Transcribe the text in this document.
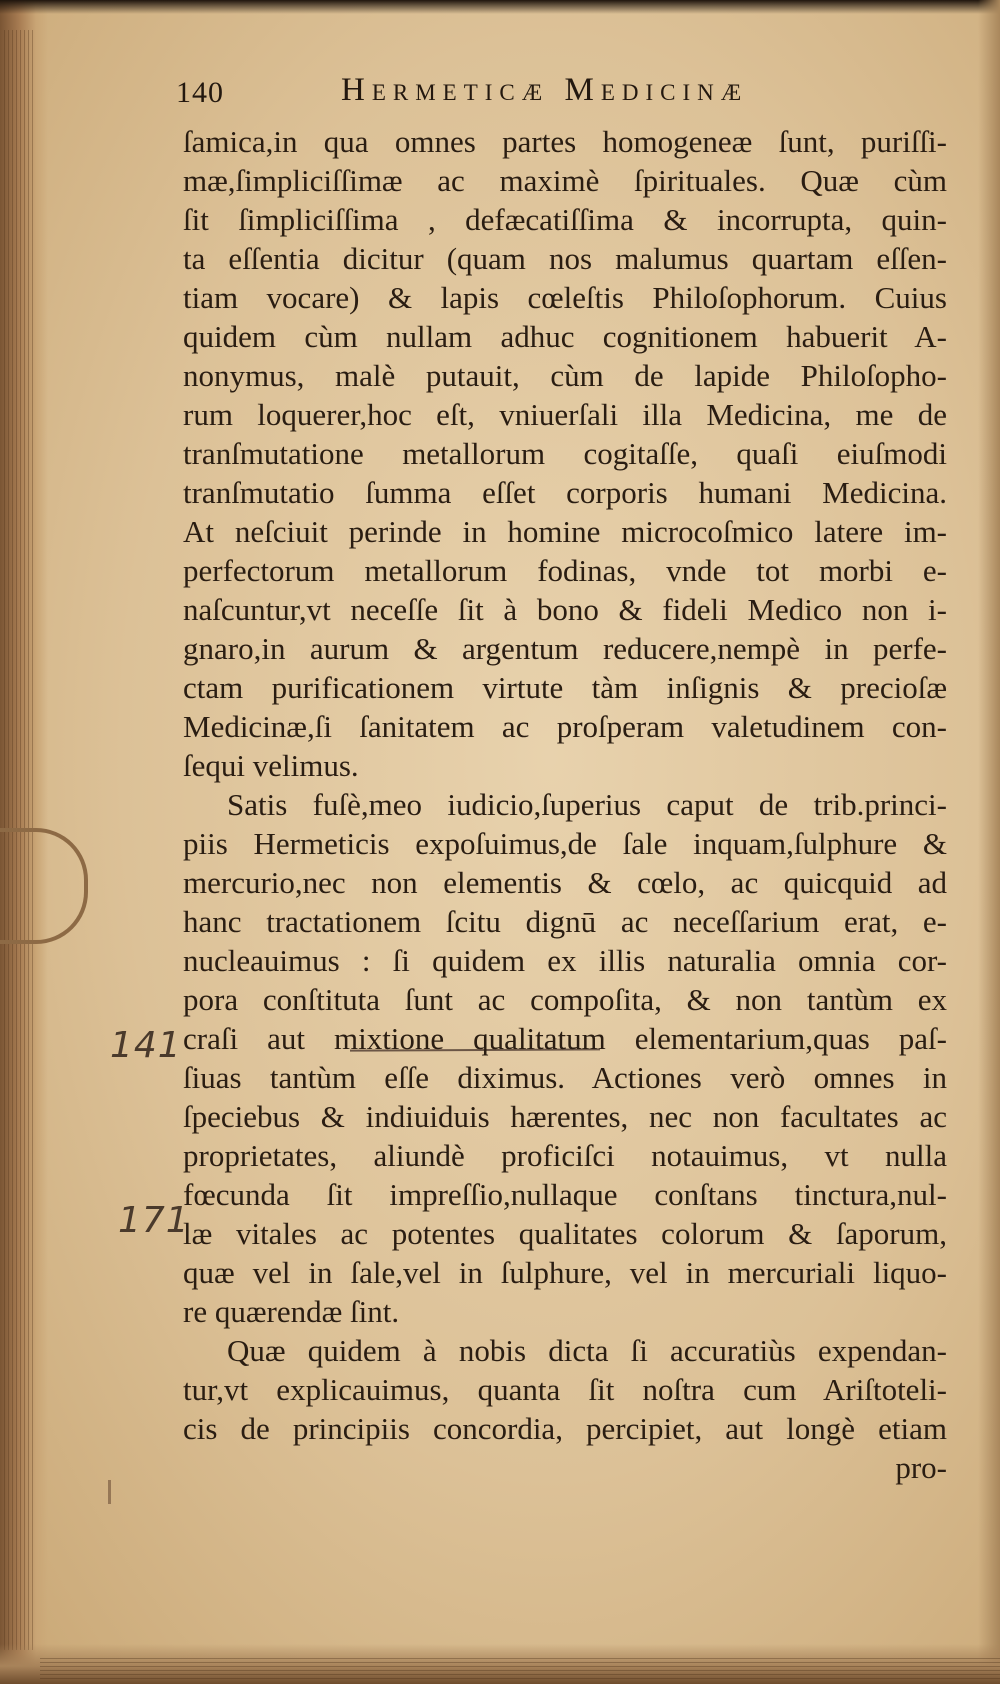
140	Hermeticæ Medicinæ
141
171
ſamica,in qua omnes partes homogeneæ ſunt, puriſſi-
mæ,ſimpliciſſimæ ac maximè ſpirituales. Quæ cùm
ſit ſimpliciſſima , defæcatiſſima & incorrupta, quin-
ta eſſentia dicitur (quam nos malumus quartam eſſen-
tiam vocare) & lapis cœleſtis Philoſophorum. Cuius
quidem cùm nullam adhuc cognitionem habuerit A-
nonymus, malè putauit, cùm de lapide Philoſopho-
rum loquerer,hoc eſt, vniuerſali illa Medicina, me de
tranſmutatione metallorum cogitaſſe, quaſi eiuſmodi
tranſmutatio ſumma eſſet corporis humani Medicina.
At neſciuit perinde in homine microcoſmico latere im-
perfectorum metallorum fodinas, vnde tot morbi e-
naſcuntur,vt neceſſe ſit à bono & fideli Medico non i-
gnaro,in aurum & argentum reducere,nempè in perfe-
ctam purificationem virtute tàm inſignis & precioſæ
Medicinæ,ſi ſanitatem ac proſperam valetudinem con-
ſequi velimus.
Satis fuſè,meo iudicio,ſuperius caput de trib.princi-
piis Hermeticis expoſuimus,de ſale inquam,ſulphure &
mercurio,nec non elementis & cœlo, ac quicquid ad
hanc tractationem ſcitu dignū ac neceſſarium erat, e-
nucleauimus : ſi quidem ex illis naturalia omnia cor-
pora conſtituta ſunt ac compoſita, & non tantùm ex
craſi aut mixtione qualitatum elementarium,quas paſ-
ſiuas tantùm eſſe diximus. Actiones verò omnes in
ſpeciebus & indiuiduis hærentes, nec non facultates ac
proprietates, aliundè proficiſci notauimus, vt nulla
fœcunda ſit impreſſio,nullaque conſtans tinctura,nul-
læ vitales ac potentes qualitates colorum & ſaporum,
quæ vel in ſale,vel in ſulphure, vel in mercuriali liquo-
re quærendæ ſint.
Quæ quidem à nobis dicta ſi accuratiùs expendan-
tur,vt explicauimus, quanta ſit noſtra cum Ariſtoteli-
cis de principiis concordia, percipiet, aut longè etiam
pro-
